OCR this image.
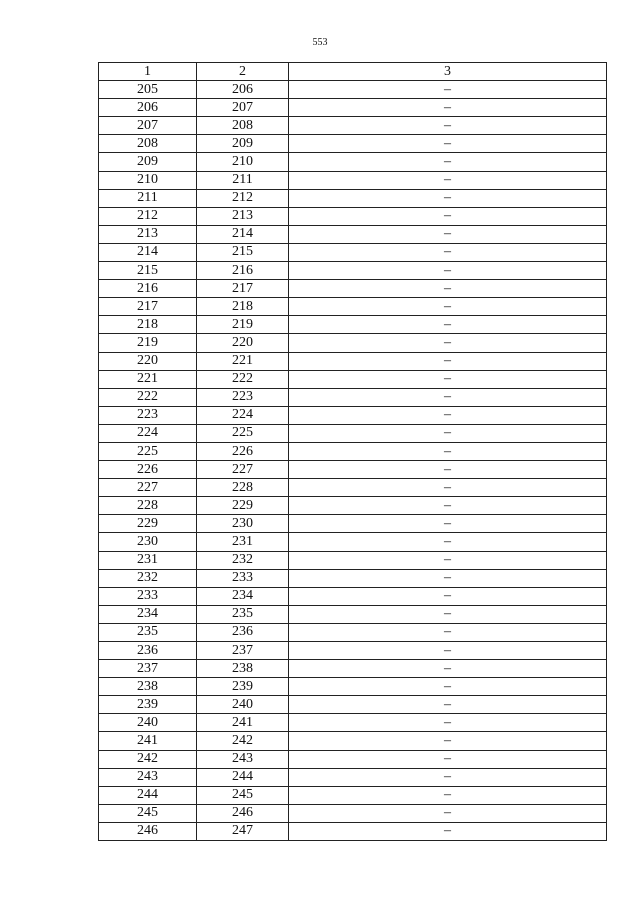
553
1	2	3
205	206	–
206	207	–
207	208	–
208	209	–
209	210	–
210	211	–
211	212	–
212	213	–
213	214	–
214	215	–
215	216	–
216	217	–
217	218	–
218	219	–
219	220	–
220	221	–
221	222	–
222	223	–
223	224	–
224	225	–
225	226	–
226	227	–
227	228	–
228	229	–
229	230	–
230	231	–
231	232	–
232	233	–
233	234	–
234	235	–
235	236	–
236	237	–
237	238	–
238	239	–
239	240	–
240	241	–
241	242	–
242	243	–
243	244	–
244	245	–
245	246	–
246	247	–
